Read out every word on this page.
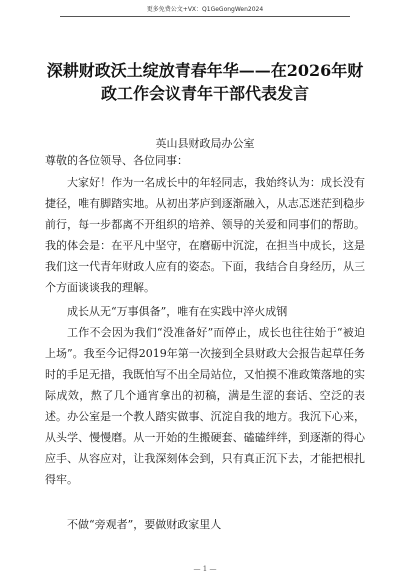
更多免费公文+VX：Q1GeGongWen2024
深耕财政沃土绽放青春年华——在2026年财政工作会议青年干部代表发言
英山县财政局办公室
尊敬的各位领导、各位同事：

大家好！作为一名成长中的年轻同志，我始终认为：成长没有捷径，唯有脚踏实地。从初出茅庐到逐渐融入，从志忑迷茫到稳步前行，每一步都离不开组织的培养、领导的关爱和同事们的帮助。我的体会是：在平凡中坚守，在磨砺中沉淀，在担当中成长，这是我们这一代青年财政人应有的姿态。下面，我结合自身经历，从三个方面谈谈我的理解。

成长从无“万事俱备”，唯有在实践中淬火成钢

工作不会因为我们“没准备好”而停止，成长也往往始于“被迫上场”。我至今记得2019年第一次接到全县财政大会报告起草任务时的手足无措，我既怕写不出全局站位，又怕摸不准政策落地的实际成效，熬了几个通宵拿出的初稿，满是生涩的套话、空泛的表述。办公室是一个教人踏实做事、沉淀自我的地方。我沉下心来，从头学、慢慢磨。从一开始的生搬硬套、磕磕绊绊，到逐渐的得心应手、从容应对，让我深刻体会到，只有真正沉下去，才能把根扎得牢。

不做“旁观者”，要做财政家里人

— 1 —
